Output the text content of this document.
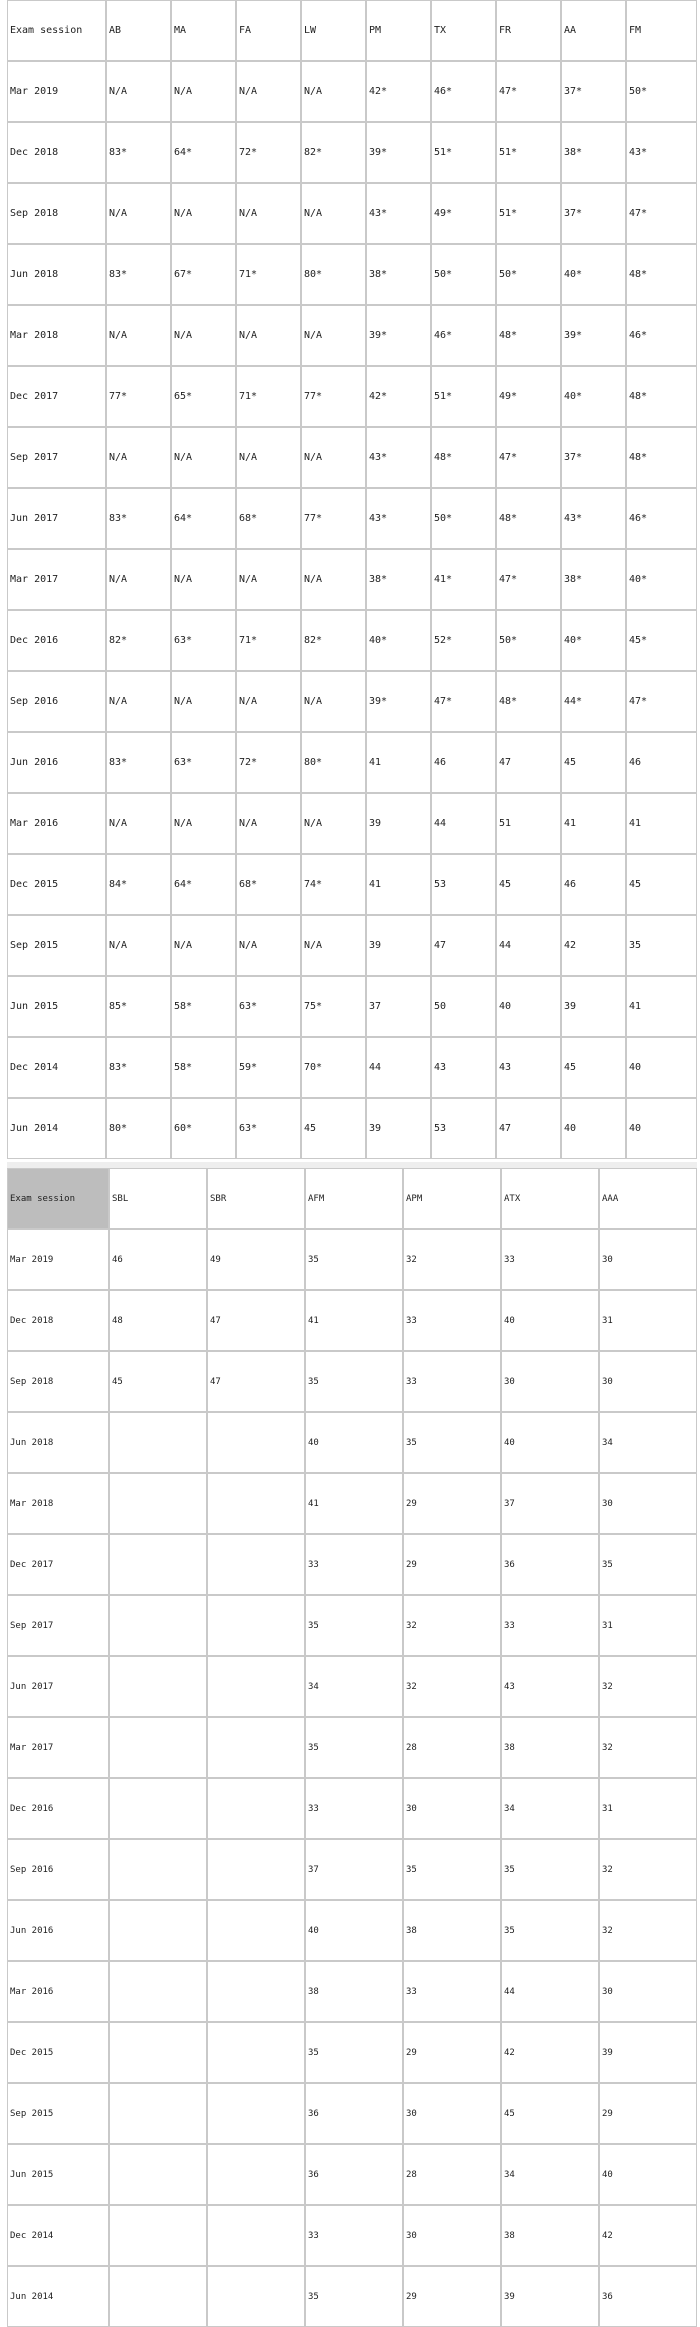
Exam session	AB	MA	FA	LW	PM	TX	FR	AA	FM
Mar 2019	N/A	N/A	N/A	N/A	42*	46*	47*	37*	50*
Dec 2018	83*	64*	72*	82*	39*	51*	51*	38*	43*
Sep 2018	N/A	N/A	N/A	N/A	43*	49*	51*	37*	47*
Jun 2018	83*	67*	71*	80*	38*	50*	50*	40*	48*
Mar 2018	N/A	N/A	N/A	N/A	39*	46*	48*	39*	46*
Dec 2017	77*	65*	71*	77*	42*	51*	49*	40*	48*
Sep 2017	N/A	N/A	N/A	N/A	43*	48*	47*	37*	48*
Jun 2017	83*	64*	68*	77*	43*	50*	48*	43*	46*
Mar 2017	N/A	N/A	N/A	N/A	38*	41*	47*	38*	40*
Dec 2016	82*	63*	71*	82*	40*	52*	50*	40*	45*
Sep 2016	N/A	N/A	N/A	N/A	39*	47*	48*	44*	47*
Jun 2016	83*	63*	72*	80*	41	46	47	45	46
Mar 2016	N/A	N/A	N/A	N/A	39	44	51	41	41
Dec 2015	84*	64*	68*	74*	41	53	45	46	45
Sep 2015	N/A	N/A	N/A	N/A	39	47	44	42	35
Jun 2015	85*	58*	63*	75*	37	50	40	39	41
Dec 2014	83*	58*	59*	70*	44	43	43	45	40
Jun 2014	80*	60*	63*	45	39	53	47	40	40
Exam session	SBL	SBR	AFM	APM	ATX	AAA
Mar 2019	46	49	35	32	33	30
Dec 2018	48	47	41	33	40	31
Sep 2018	45	47	35	33	30	30
Jun 2018			40	35	40	34
Mar 2018			41	29	37	30
Dec 2017			33	29	36	35
Sep 2017			35	32	33	31
Jun 2017			34	32	43	32
Mar 2017			35	28	38	32
Dec 2016			33	30	34	31
Sep 2016			37	35	35	32
Jun 2016			40	38	35	32
Mar 2016			38	33	44	30
Dec 2015			35	29	42	39
Sep 2015			36	30	45	29
Jun 2015			36	28	34	40
Dec 2014			33	30	38	42
Jun 2014			35	29	39	36
